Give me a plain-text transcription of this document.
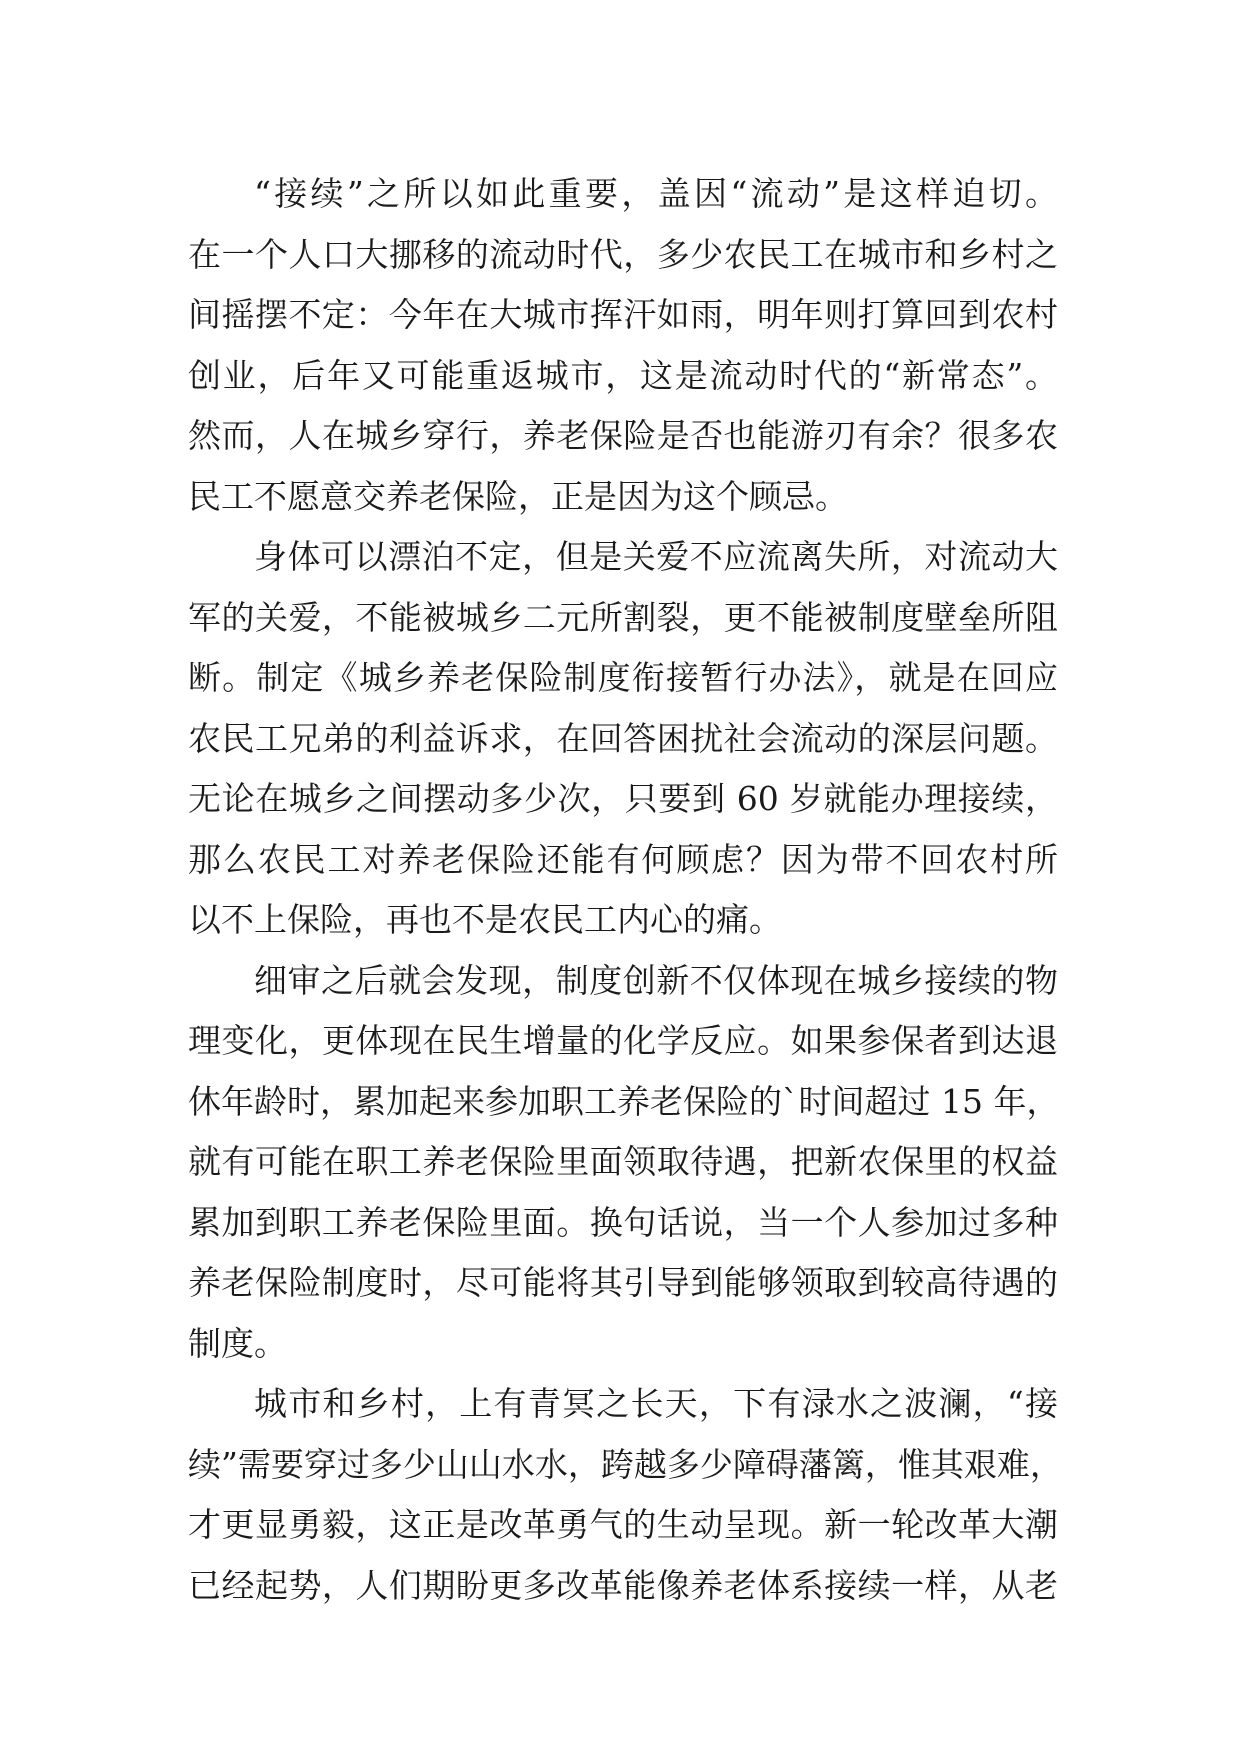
“接续”之所以如此重要，盖因“流动”是这样迫切。
在一个人口大挪移的流动时代，多少农民工在城市和乡村之
间摇摆不定：今年在大城市挥汗如雨，明年则打算回到农村
创业，后年又可能重返城市，这是流动时代的“新常态”。
然而，人在城乡穿行，养老保险是否也能游刃有余？很多农
民工不愿意交养老保险，正是因为这个顾忌。
身体可以漂泊不定，但是关爱不应流离失所，对流动大
军的关爱，不能被城乡二元所割裂，更不能被制度壁垒所阻
断。制定《城乡养老保险制度衔接暂行办法》，就是在回应
农民工兄弟的利益诉求，在回答困扰社会流动的深层问题。
无论在城乡之间摆动多少次，只要到 60 岁就能办理接续，
那么农民工对养老保险还能有何顾虑？因为带不回农村所
以不上保险，再也不是农民工内心的痛。
细审之后就会发现，制度创新不仅体现在城乡接续的物
理变化，更体现在民生增量的化学反应。如果参保者到达退
休年龄时，累加起来参加职工养老保险的`时间超过 15 年，
就有可能在职工养老保险里面领取待遇，把新农保里的权益
累加到职工养老保险里面。换句话说，当一个人参加过多种
养老保险制度时，尽可能将其引导到能够领取到较高待遇的
制度。
城市和乡村，上有青冥之长天，下有渌水之波澜，“接
续”需要穿过多少山山水水，跨越多少障碍藩篱，惟其艰难，
才更显勇毅，这正是改革勇气的生动呈现。新一轮改革大潮
已经起势，人们期盼更多改革能像养老体系接续一样，从老
